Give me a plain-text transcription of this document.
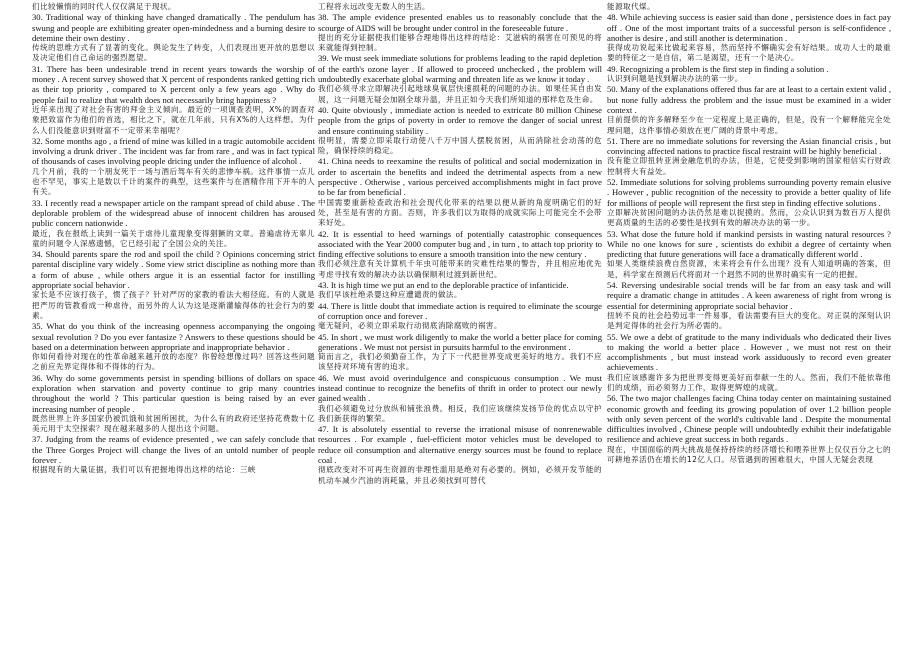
们比较懒惰的同时代人仅仅满足于现状。

30. Traditional way of thinking have changed dramatically . The pendulum has swung and people are exhibiting greater open-mindedness and a burning desire to detemine their own destiny .

传统的思维方式有了显著的变化。舆论发生了转变，人们表现出更开放的思想以及决定他们自己命运的强烈愿望。

31. There has been undesirable trend in recent years towards the worship of money . A recent survey showed that X percent of respondents ranked getting rich as their top priority , compared to X percent only a few years ago . Why do people fail to realize that wealth does not necessarily bring happiness ?

近年来出现了对社会有害的拜金主义倾向。最近的一项调查表明，X%的调查对象把致富作为他们的首选，相比之下，就在几年前，只有X%的人这样想。为什么人们没能意识到财富不一定带来幸福呢？

32. Some months ago , a friend of mine was killed in a tragic automobile accident involving a drunk driver . The incident was far from rare , and was in fact typical of thousands of cases involving people dricing under the influence of alcohol .

几个月前，我的一个朋友死于一场与酒后驾车有关的悲惨车祸。这件事情一点儿也不罕见，事实上是数以千计的案件的典型，这些案件与在酒精作用下开车的人有关。

33. I recently read a newspaper article on the rampant spread of child abuse . The deplorable problem of the widespread abuse of innocent children has aroused public concern nationwide .

最近，我在报纸上读到一篇关于虐待儿童现象变得猖獗的文章。普遍虐待无辜儿童的问题令人深感遗憾，它已经引起了全国公众的关注。

34. Should parents spare the rod and spoil the child ? Opinions concerning strict parental discipline vary widely . Some view strict discipline as nothing more than a form of abuse , while others argue it is an essential factor for instilling appropriate social behavior .

家长是不应该打孩子，惯了孩子？针对严厉的家教的看法大相径庭。有的人就是把严厉的管教看成一种虐待，而另外的人认为这是逐渐灌输得体的社会行为的要素。

35. What do you think of the increasing openness accompanying the ongoing sexual revolution ? Do you ever fantasize ? Answers to these questions should be based on a determination between appropriate and inappropriate behavior .

你如何看待对现在的性革命越来越开放的态度？你曾经想像过吗？回答这些问题之前应先界定得体和不得体的行为。

36. Why do some governments persist in spending billions of dollars on space exploration when starvation and poverty continue to grip many countries throughout the world ? This particular question is being raised by an ever increasing number of people .

既然世界上许多国家仍被饥饿和贫困所困扰，为什么有的政府还坚持花费数十亿美元用于太空探索？现在越来越多的人提出这个问题。

37. Judging from the reams of evidence presented , we can safely conclude that the Three Gorges Project will change the lives of an untold number of people forever .

根据现有的大量证据，我们可以有把握地得出这样的结论：三峡

工程将永远改变无数人的生活。

38. The ample evidence presented enables us to reasonably conclude that the scourge of AIDS will be brought under control in the foreseeable future .

提出的充分证据使我们能够合理地得出这样的结论：艾滋病的祸害在可预见的将来就能得到控制。

39. We must seek immediate solutions for problems leading to the rapid depletion of the earth's ozone layer . If allowed to proceed unchecked , the problem will undoubtedly exacerbate global warming and threaten life as we know it today .

我们必须寻求立即解决引起地球臭氧层快速损耗的问题的办法。如果任其自由发展，这一问题无疑会加剧全球升温，并且正如今天我们所知道的那样危及生命。

40. Quite obviously , immediate action is needed to extricate 80 million Chinese people from the grips of poverty in order to remove the danger of social unrest and ensure continuing stability .

很明显，需要立即采取行动使八千万中国人摆脱贫困，从而消除社会动荡的危险，确保持续的稳定。

41. China needs to reexamine the results of political and social modernization in order to ascertain the benefits and indeed the detrimental aspects from a new perspective . Otherwise , various perceived accomplishments might in fact prove to be far from beneficial .

中国需要重新检查政治和社会现代化带来的结果以便从新的角度明确它们的好处，甚至是有害的方面。否则，许多我们以为取得的成就实际上可能完全不会带来好处。

42. It is essential to heed warnings of potentially catastrophic consequences associated with the Year 2000 computer bug and , in turn , to attach top priority to finding effective solutions to ensure a smooth transition into the new century .

我们必须注意有关计算机千年虫可能带来的灾难性结果的警告，并且相应地优先考虑寻找有效的解决办法以确保顺利过渡到新世纪。

43. It is high time we put an end to the deplorable practice of infanticide.

我们早该杜绝杀婴这种应遭谴责的做法。

44. There is little doubt that immediate action is required to eliminate the scourge of corruption once and forever .

毫无疑问，必须立即采取行动彻底消除腐败的祸害。

45. In short , we must work diligently to make the world a better place for coming generations . We must not persist in pursuits harmful to the environment .

简而言之，我们必须勤奋工作，为了下一代把世界变成更美好的地方。我们不应该坚持对环境有害的追求。

46. We must avoid overindulgence and conspicuous consumption . We must instead continue to recognize the benefits of thrift in order to protect our newly gained wealth .

我们必须避免过分放纵和铺张浪费。相反，我们应该继续发扬节俭的优点以守护我们新获得的繁荣。

47. It is absolutely essential to reverse the irrational misuse of nonrenewable resources . For example , fuel-efficient motor vehicles must be developed to reduce oil consumption and alternative energy sources must be found to replace coal .

彻底改变对不可再生资源的非理性滥用是绝对有必要的。例如，必须开发节能的机动车减少汽油的消耗量，并且必须找到可替代

能源取代煤。

48. While achieving success is easier said than done , persistence does in fact pay off . One of the most important traits of a successful person is self-confidence , another is desire , and still another is determination .

获得成功说起来比做起来容易，然而坚持不懈确实会有好结果。成功人士的最重要的特征之一是自信，第二是渴望，还有一个是决心。

49. Recognizing a problem is the first step in finding a solution .

认识到问题是找到解决办法的第一步。

50. Many of the explanations offered thus far are at least to a certain extent valid , but none fully address the problem and the issue must be examined in a wider context .

目前提供的许多解释至少在一定程度上是正确的，但是，没有一个解释能完全处理问题，这件事情必须放在更广阔的背景中考虑。

51. There are no immediate solutions for reversing the Asian financial crisis , but convincing affected nations to practice fiscal restraint will be highly beneficial .

没有能立即扭转亚洲金融危机的办法，但是，它使受到影响的国家相信实行财政控制将大有益处。

52. Immediate solutions for solving problems surrounding poverty remain elusive . However , public recognition of the necessity to provide a better quality of life for millions of people will represent the first step in finding effective solutions .

立即解决贫困问题的办法仍然是难以捉摸的。然而，公众认识到为数百万人提供更高质量的生活的必要性是找到有效的解决办法的第一步。

53. What dose the future hold if mankind persists in wasting natural resources ? While no one knows for sure , scientists do exhibit a degree of certainty when predicting that future generations will face a dramatically different world .

如果人类继续浪费自然资源，未来将会有什么出现？没有人知道明确的答案，但是，科学家在预测后代将面对一个迥然不同的世界时确实有一定的把握。

54. Reversing undesirable social trends will be far from an easy task and will require a dramatic change in attitudes . A keen awareness of right from wrong is essential for determining appropriate social behavior .

扭转不良的社会趋势远非一件易事，看法需要有巨大的变化。对正误的深刻认识是判定得体的社会行为所必需的。

55. We owe a debt of gratitude to the many individuals who dedicated their lives to making the world a better place . However , we must not rest on their accomplishments , but must instead work assiduously to record even greater achievements .

我们应该感谢许多为把世界变得更美好而奉献一生的人。然而，我们不能依靠他们的成绩，而必须努力工作，取得更辉煌的成就。

56. The two major challenges facing China today center on maintaining sustained economic growth and feeding its growing population of over 1.2 billion people with only seven percent of the world's cultivable land . Despite the monumental difficulties involved , Chinese people will undoubtedly exhibit their indefatigable resilience and achieve great success in both regards .

现在，中国面临的两大挑战是保持持续的经济增长和喂养世界上仅仅百分之七的可耕地养活仍在增长的12亿人口。尽管遇到的困难很大，中国人无疑会表现
